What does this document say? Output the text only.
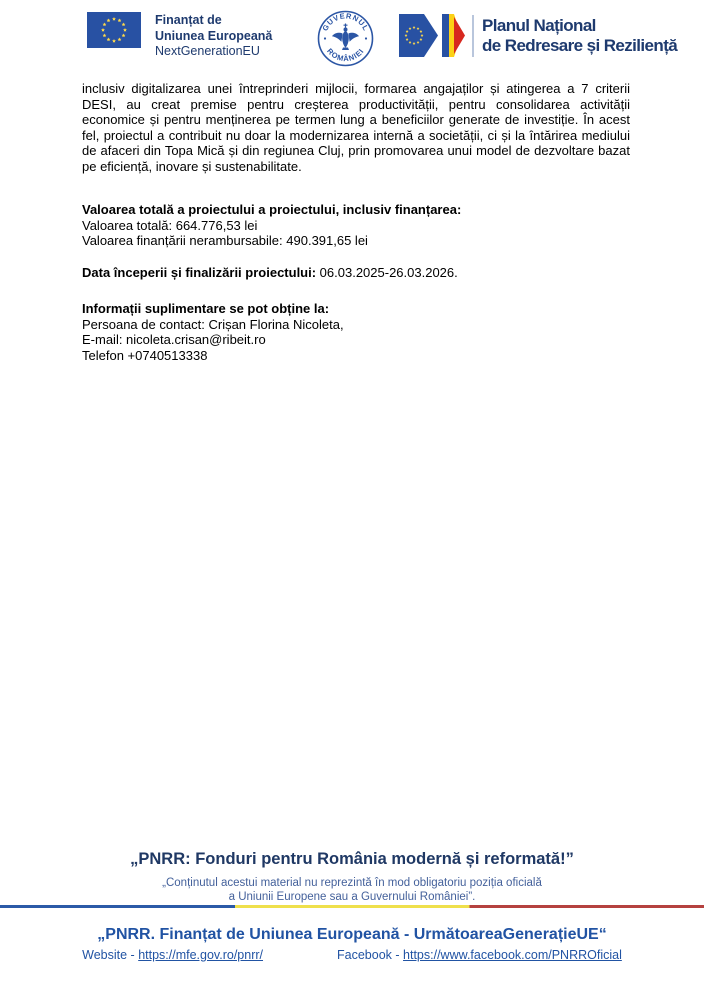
Finanțat de
Uniunea Europeană
NextGenerationEU
GUVERNUL
ROMÂNIEI
Planul Național
de Redresare și Reziliență

inclusiv digitalizarea unei întreprinderi mijlocii, formarea angajaților și atingerea a 7 criterii DESI, au creat premise pentru creșterea productivității, pentru consolidarea activității economice și pentru menținerea pe termen lung a beneficiilor generate de investiție. În acest fel, proiectul a contribuit nu doar la modernizarea internă a societății, ci și la întărirea mediului de afaceri din Topa Mică și din regiunea Cluj, prin promovarea unui model de dezvoltare bazat pe eficiență, inovare și sustenabilitate.

Valoarea totală a proiectului a proiectului, inclusiv finanțarea:
Valoarea totală: 664.776,53 lei
Valoarea finanțării nerambursabile: 490.391,65 lei
Data începerii și finalizării proiectului: 06.03.2025-26.03.2026.
Informații suplimentare se pot obține la:
Persoana de contact: Crișan Florina Nicoleta,
E-mail: nicoleta.crisan@ribeit.ro
Telefon +0740513338
„PNRR: Fonduri pentru România modernă și reformată!”
„Conținutul acestui material nu reprezintă în mod obligatoriu poziția oficială
a Uniunii Europene sau a Guvernului României”.
„PNRR. Finanțat de Uniunea Europeană - UrmătoareaGenerațieUE“
Website - https://mfe.gov.ro/pnrr/	Facebook - https://www.facebook.com/PNRROficial
